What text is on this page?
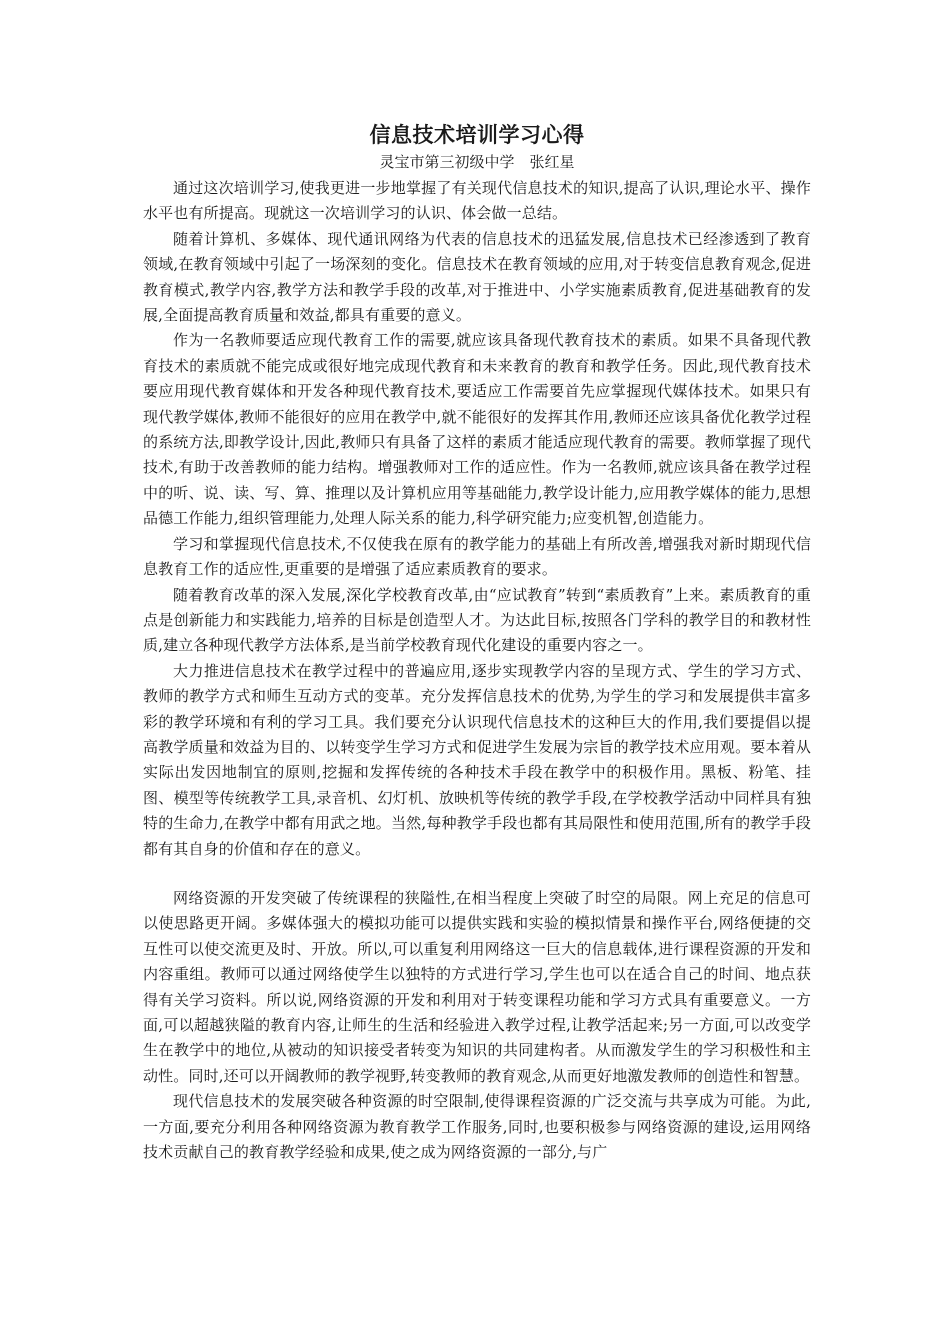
信息技术培训学习心得

灵宝市第三初级中学　张红星

通过这次培训学习,使我更进一步地掌握了有关现代信息技术的知识,提高了认识,理论水平、操作水平也有所提高。现就这一次培训学习的认识、体会做一总结。

随着计算机、多媒体、现代通讯网络为代表的信息技术的迅猛发展,信息技术已经渗透到了教育领域,在教育领域中引起了一场深刻的变化。信息技术在教育领域的应用,对于转变信息教育观念,促进教育模式,教学内容,教学方法和教学手段的改革,对于推进中、小学实施素质教育,促进基础教育的发展,全面提高教育质量和效益,都具有重要的意义。

作为一名教师要适应现代教育工作的需要,就应该具备现代教育技术的素质。如果不具备现代教育技术的素质就不能完成或很好地完成现代教育和未来教育的教育和教学任务。因此,现代教育技术要应用现代教育媒体和开发各种现代教育技术,要适应工作需要首先应掌握现代媒体技术。如果只有现代教学媒体,教师不能很好的应用在教学中,就不能很好的发挥其作用,教师还应该具备优化教学过程的系统方法,即教学设计,因此,教师只有具备了这样的素质才能适应现代教育的需要。教师掌握了现代技术,有助于改善教师的能力结构。增强教师对工作的适应性。作为一名教师,就应该具备在教学过程中的听、说、读、写、算、推理以及计算机应用等基础能力,教学设计能力,应用教学媒体的能力,思想品德工作能力,组织管理能力,处理人际关系的能力,科学研究能力;应变机智,创造能力。

学习和掌握现代信息技术,不仅使我在原有的教学能力的基础上有所改善,增强我对新时期现代信息教育工作的适应性,更重要的是增强了适应素质教育的要求。

随着教育改革的深入发展,深化学校教育改革,由“应试教育”转到“素质教育”上来。素质教育的重点是创新能力和实践能力,培养的目标是创造型人才。为达此目标,按照各门学科的教学目的和教材性质,建立各种现代教学方法体系,是当前学校教育现代化建设的重要内容之一。

大力推进信息技术在教学过程中的普遍应用,逐步实现教学内容的呈现方式、学生的学习方式、教师的教学方式和师生互动方式的变革。充分发挥信息技术的优势,为学生的学习和发展提供丰富多彩的教学环境和有利的学习工具。我们要充分认识现代信息技术的这种巨大的作用,我们要提倡以提高教学质量和效益为目的、以转变学生学习方式和促进学生发展为宗旨的教学技术应用观。要本着从实际出发因地制宜的原则,挖掘和发挥传统的各种技术手段在教学中的积极作用。黑板、粉笔、挂图、模型等传统教学工具,录音机、幻灯机、放映机等传统的教学手段,在学校教学活动中同样具有独特的生命力,在教学中都有用武之地。当然,每种教学手段也都有其局限性和使用范围,所有的教学手段都有其自身的价值和存在的意义。

网络资源的开发突破了传统课程的狭隘性,在相当程度上突破了时空的局限。网上充足的信息可以使思路更开阔。多媒体强大的模拟功能可以提供实践和实验的模拟情景和操作平台,网络便捷的交互性可以使交流更及时、开放。所以,可以重复利用网络这一巨大的信息载体,进行课程资源的开发和内容重组。教师可以通过网络使学生以独特的方式进行学习,学生也可以在适合自己的时间、地点获得有关学习资料。所以说,网络资源的开发和利用对于转变课程功能和学习方式具有重要意义。一方面,可以超越狭隘的教育内容,让师生的生活和经验进入教学过程,让教学活起来;另一方面,可以改变学生在教学中的地位,从被动的知识接受者转变为知识的共同建构者。从而激发学生的学习积极性和主动性。同时,还可以开阔教师的教学视野,转变教师的教育观念,从而更好地激发教师的创造性和智慧。

现代信息技术的发展突破各种资源的时空限制,使得课程资源的广泛交流与共享成为可能。为此,一方面,要充分利用各种网络资源为教育教学工作服务,同时,也要积极参与网络资源的建设,运用网络技术贡献自己的教育教学经验和成果,使之成为网络资源的一部分,与广
